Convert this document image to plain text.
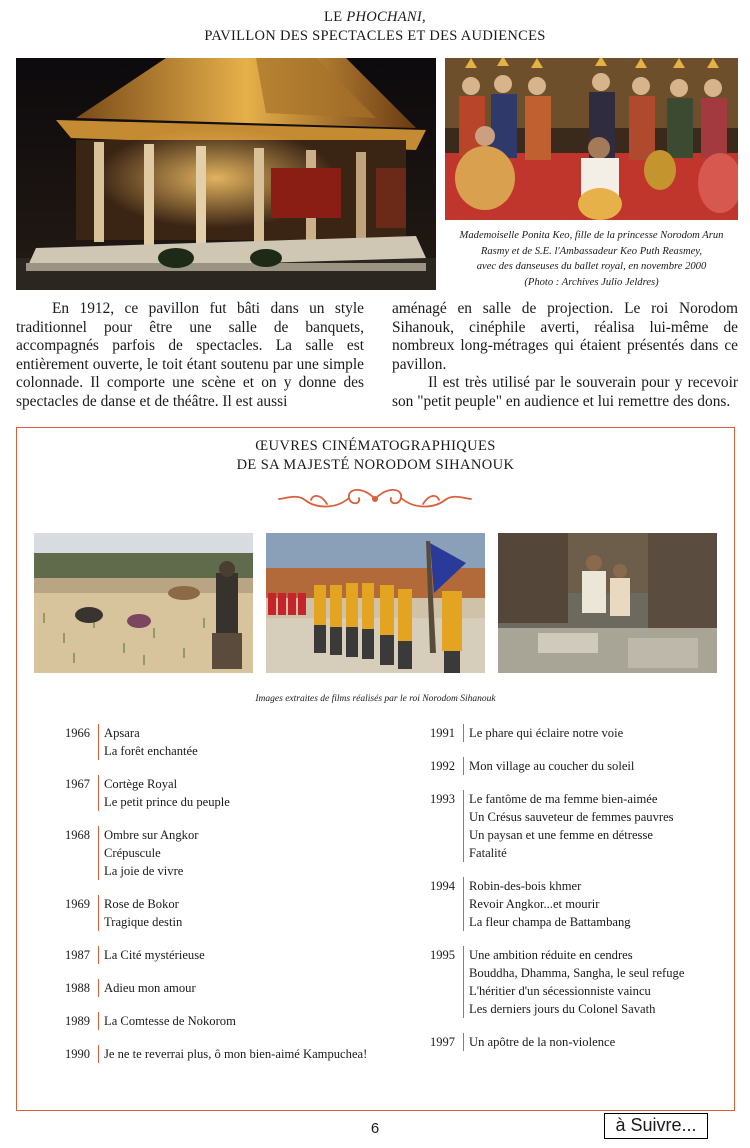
LE PHOCHANI,
PAVILLON DES SPECTACLES ET DES AUDIENCES
Mademoiselle Ponita Keo, fille de la princesse Norodom Arun
Rasmy et de S.E. l'Ambassadeur Keo Puth Reasmey,
avec des danseuses du ballet royal, en novembre 2000
(Photo : Archives Julio Jeldres)

En 1912, ce pavillon fut bâti dans un style traditionnel pour être une salle de banquets, accompagnés parfois de spectacles. La salle est entièrement ouverte, le toit étant soutenu par une simple colonnade. Il comporte une scène et on y donne des spectacles de danse et de théâtre. Il est aussi

aménagé en salle de projection. Le roi Norodom Sihanouk, cinéphile averti, réalisa lui-même de nombreux long-métrages qui étaient présentés dans ce pavillon.

Il est très utilisé par le souverain pour y recevoir son "petit peuple" en audience et lui remettre des dons.

ŒUVRES CINÉMATOGRAPHIQUES
DE SA MAJESTÉ NORODOM SIHANOUK
Images extraites de films réalisés par le roi Norodom Sihanouk
1966 Apsara
La forêt enchantée
1967 Cortège Royal
Le petit prince du peuple
1968 Ombre sur Angkor
Crépuscule
La joie de vivre
1969 Rose de Bokor
Tragique destin
1987 La Cité mystérieuse
1988 Adieu mon amour
1989 La Comtesse de Nokorom
1990 Je ne te reverrai plus, ô mon bien-aimé Kampuchea!
1991 Le phare qui éclaire notre voie
1992 Mon village au coucher du soleil
1993 Le fantôme de ma femme bien-aimée
Un Crésus sauveteur de femmes pauvres
Un paysan et une femme en détresse
Fatalité
1994 Robin-des-bois khmer
Revoir Angkor...et mourir
La fleur champa de Battambang
1995 Une ambition réduite en cendres
Bouddha, Dhamma, Sangha, le seul refuge
L'héritier d'un sécessionniste vaincu
Les derniers jours du Colonel Savath
1997 Un apôtre de la non-violence
6	à Suivre...
